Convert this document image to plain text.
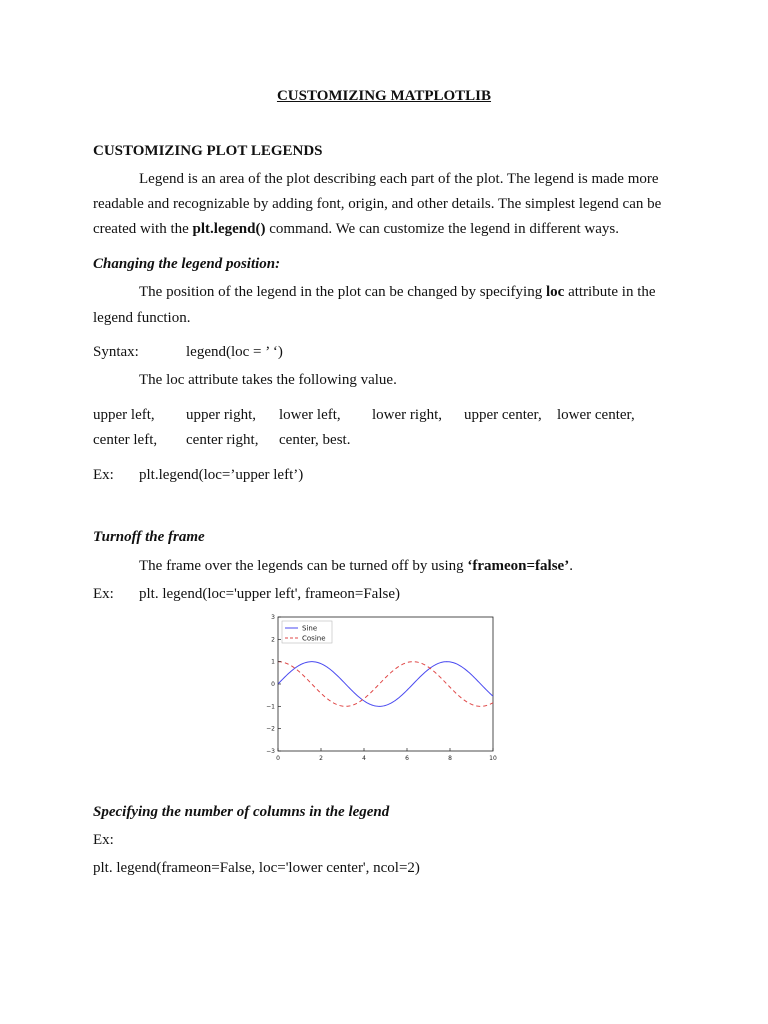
CUSTOMIZING MATPLOTLIB
CUSTOMIZING PLOT LEGENDS
Legend is an area of the plot describing each part of the plot. The legend is made more
readable and recognizable by adding font, origin, and other details. The simplest legend can be
created with the plt.legend() command. We can customize the legend in different ways.
Changing the legend position:
The position of the legend in the plot can be changed by specifying loc attribute in the
legend function.
Syntax:	legend(loc = ’ ‘)
The loc attribute takes the following value.
upper left, upper right, lower left, lower right, upper center, lower center,
center left, center right, center, best.
Ex: plt.legend(loc=’upper left’)
Turnoff the frame
The frame over the legends can be turned off by using ‘frameon=false’.
Ex: plt. legend(loc='upper left', frameon=False)
0	2	4	6	8	10
3
2
1
0
−1
−2
−3
Sine
Cosine
Specifying the number of columns in the legend
Ex:
plt. legend(frameon=False, loc='lower center', ncol=2)
